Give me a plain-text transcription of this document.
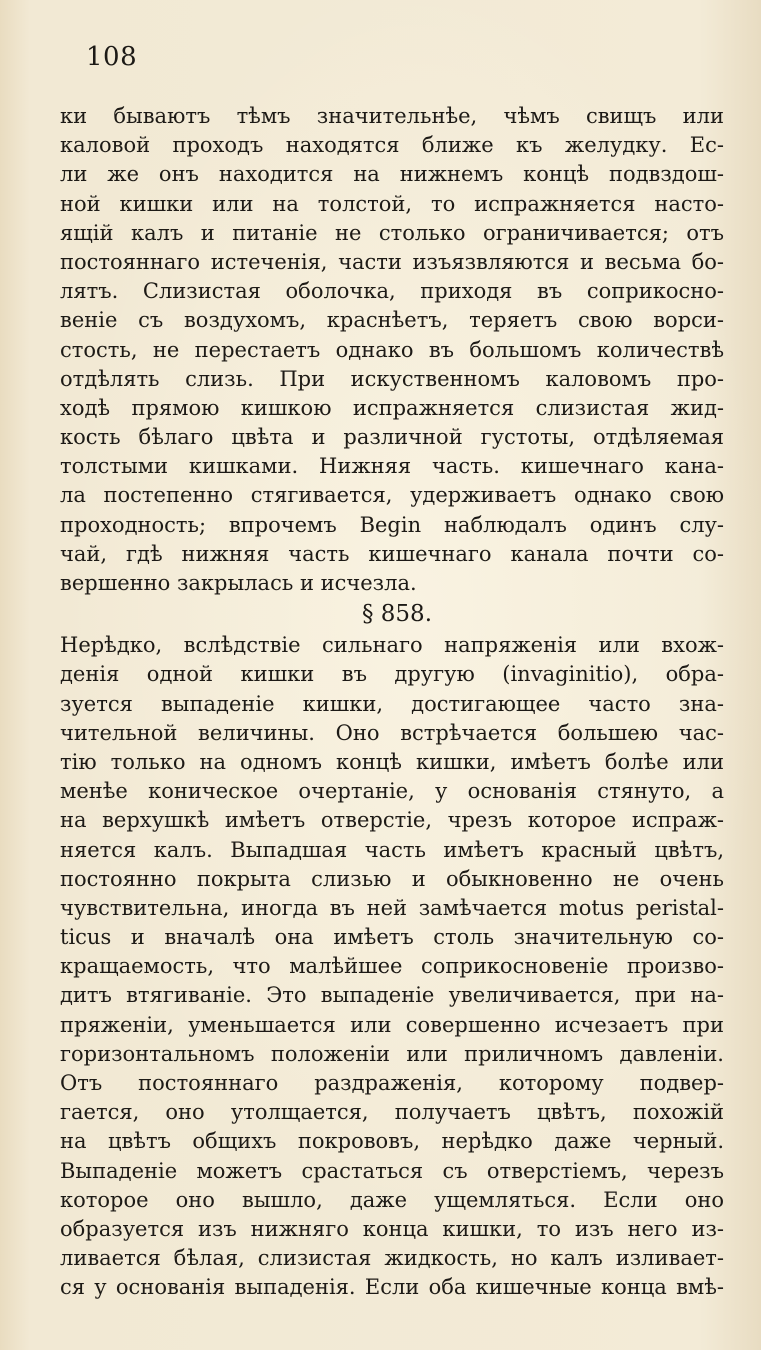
108
ки бываютъ тѣмъ значительнѣе, чѣмъ свищъ или
каловой проходъ находятся ближе къ желудку. Ес-
ли же онъ находится на нижнемъ концѣ подвздош-
ной кишки или на толстой, то испражняется насто-
ящій калъ и питаніе не столько ограничивается; отъ
постояннаго истеченія, части изъязвляются и весьма бо-
лятъ. Слизистая оболочка, приходя въ соприкосно-
веніе съ воздухомъ, краснѣетъ, теряетъ свою ворси-
стость, не перестаетъ однако въ большомъ количествѣ
отдѣлять слизь. При искуственномъ каловомъ про-
ходѣ прямою кишкою испражняется слизистая жид-
кость бѣлаго цвѣта и различной густоты, отдѣляемая
толстыми кишками. Нижняя часть. кишечнаго кана-
ла постепенно стягивается, удерживаетъ однако свою
проходность; впрочемъ Begin наблюдалъ одинъ слу-
чай, гдѣ нижняя часть кишечнаго канала почти со-
вершенно закрылась и исчезла.
§ 858.
Нерѣдко, вслѣдствіе сильнаго напряженія или вхож-
денія одной кишки въ другую (invaginitio), обра-
зуется выпаденіе кишки, достигающее часто зна-
чительной величины. Оно встрѣчается большею час-
тію только на одномъ концѣ кишки, имѣетъ болѣе или
менѣе коническое очертаніе, у основанія стянуто, а
на верхушкѣ имѣетъ отверстіе, чрезъ которое испраж-
няется калъ. Выпадшая часть имѣетъ красный цвѣтъ,
постоянно покрыта слизью и обыкновенно не очень
чувствительна, иногда въ ней замѣчается motus peristal-
ticus и вначалѣ она имѣетъ столь значительную со-
кращаемость, что малѣйшее соприкосновеніе произво-
дитъ втягиваніе. Это выпаденіе увеличивается, при на-
пряженіи, уменьшается или совершенно исчезаетъ при
горизонтальномъ положеніи или приличномъ давленіи.
Отъ постояннаго раздраженія, которому подвер-
гается, оно утолщается, получаетъ цвѣтъ, похожій
на цвѣтъ общихъ покрововъ, нерѣдко даже черный.
Выпаденіе можетъ срастаться съ отверстіемъ, черезъ
которое оно вышло, даже ущемляться. Если оно
образуется изъ нижняго конца кишки, то изъ него из-
ливается бѣлая, слизистая жидкость, но калъ изливает-
ся у основанія выпаденія. Если оба кишечные конца вмѣ-
